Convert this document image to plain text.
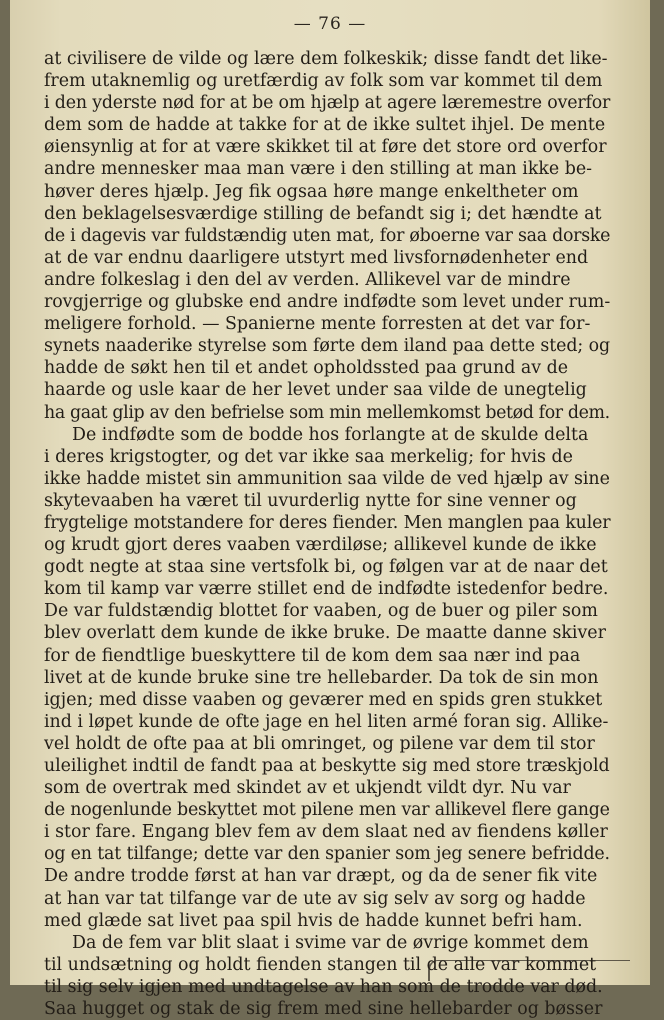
— 76 —
at civilisere de vilde og lære dem folkeskik; disse fandt det like-
frem utaknemlig og uretfærdig av folk som var kommet til dem
i den yderste nød for at be om hjælp at agere læremestre overfor
dem som de hadde at takke for at de ikke sultet ihjel. De mente
øiensynlig at for at være skikket til at føre det store ord overfor
andre mennesker maa man være i den stilling at man ikke be-
høver deres hjælp. Jeg fik ogsaa høre mange enkeltheter om
den beklagelsesværdige stilling de befandt sig i; det hændte at
de i dagevis var fuldstændig uten mat, for øboerne var saa dorske
at de var endnu daarligere utstyrt med livsfornødenheter end
andre folkeslag i den del av verden. Allikevel var de mindre
rovgjerrige og glubske end andre indfødte som levet under rum-
meligere forhold. — Spanierne mente forresten at det var for-
synets naaderike styrelse som førte dem iland paa dette sted; og
hadde de søkt hen til et andet opholdssted paa grund av de
haarde og usle kaar de her levet under saa vilde de unegtelig
ha gaat glip av den befrielse som min mellemkomst betød for dem.
De indfødte som de bodde hos forlangte at de skulde delta
i deres krigstogter, og det var ikke saa merkelig; for hvis de
ikke hadde mistet sin ammunition saa vilde de ved hjælp av sine
skytevaaben ha været til uvurderlig nytte for sine venner og
frygtelige motstandere for deres fiender. Men manglen paa kuler
og krudt gjort deres vaaben værdiløse; allikevel kunde de ikke
godt negte at staa sine vertsfolk bi, og følgen var at de naar det
kom til kamp var værre stillet end de indfødte istedenfor bedre.
De var fuldstændig blottet for vaaben, og de buer og piler som
blev overlatt dem kunde de ikke bruke. De maatte danne skiver
for de fiendtlige bueskyttere til de kom dem saa nær ind paa
livet at de kunde bruke sine tre hellebarder. Da tok de sin mon
igjen; med disse vaaben og geværer med en spids gren stukket
ind i løpet kunde de ofte jage en hel liten armé foran sig. Allike-
vel holdt de ofte paa at bli omringet, og pilene var dem til stor
uleilighet indtil de fandt paa at beskytte sig med store træskjold
som de overtrak med skindet av et ukjendt vildt dyr. Nu var
de nogenlunde beskyttet mot pilene men var allikevel flere gange
i stor fare. Engang blev fem av dem slaat ned av fiendens køller
og en tat tilfange; dette var den spanier som jeg senere befridde.
De andre trodde først at han var dræpt, og da de sener fik vite
at han var tat tilfange var de ute av sig selv av sorg og hadde
med glæde sat livet paa spil hvis de hadde kunnet befri ham.
Da de fem var blit slaat i svime var de øvrige kommet dem
til undsætning og holdt fienden stangen til de alle var kommet
til sig selv igjen med undtagelse av han som de trodde var død.
Saa hugget og stak de sig frem med sine hellebarder og bøsser
